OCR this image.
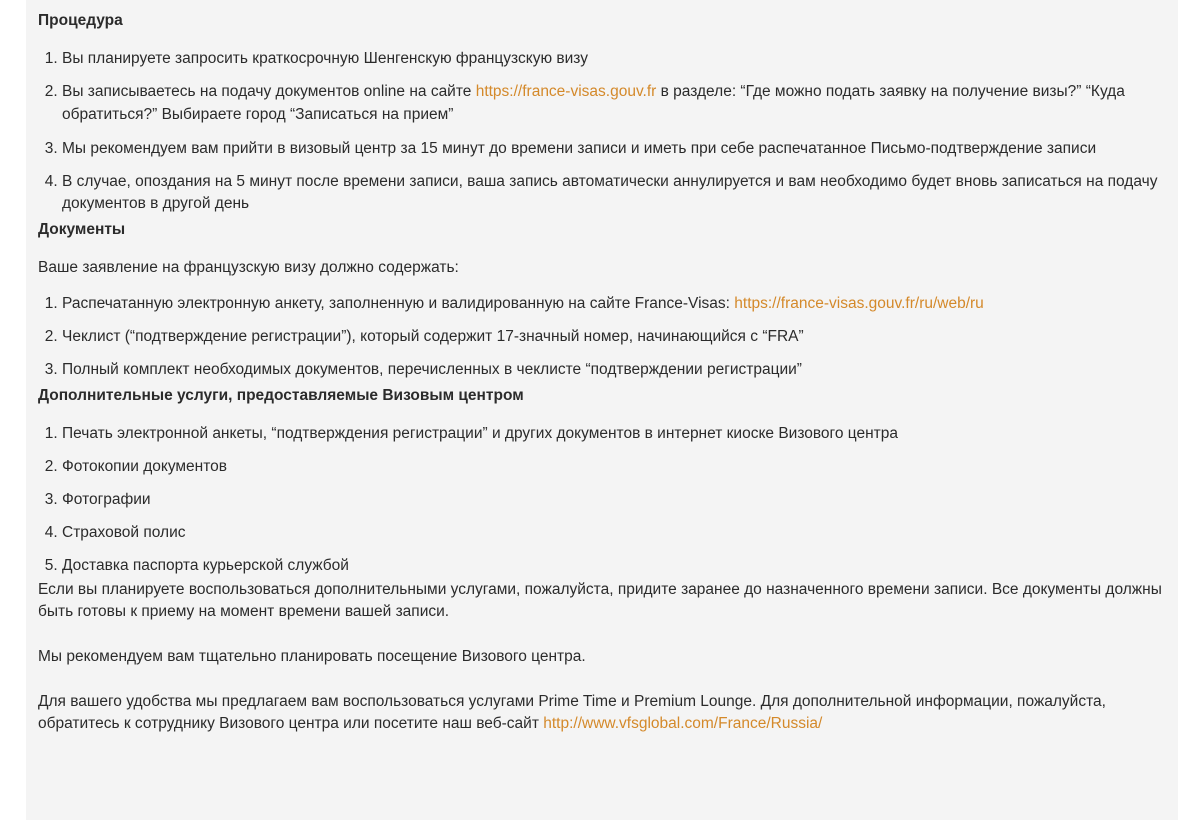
Процедура
1. Вы планируете запросить краткосрочную Шенгенскую французскую визу
2. Вы записываетесь на подачу документов online на сайте https://france-visas.gouv.fr в разделе: “Где можно подать заявку на получение визы?” “Куда обратиться?” Выбираете город “Записаться на прием”
3. Мы рекомендуем вам прийти в визовый центр за 15 минут до времени записи и иметь при себе распечатанное Письмо-подтверждение записи
4. В случае, опоздания на 5 минут после времени записи, ваша запись автоматически аннулируется и вам необходимо будет вновь записаться на подачу документов в другой день
Документы

Ваше заявление на французскую визу должно содержать:

1. Распечатанную электронную анкету, заполненную и валидированную на сайте France-Visas: https://france-visas.gouv.fr/ru/web/ru
2. Чеклист (“подтверждение регистрации”), который содержит 17-значный номер, начинающийся с “FRA”
3. Полный комплект необходимых документов, перечисленных в чеклисте “подтверждении регистрации”
Дополнительные услуги, предоставляемые Визовым центром
1. Печать электронной анкеты, “подтверждения регистрации” и других документов в интернет киоске Визового центра
2. Фотокопии документов
3. Фотографии
4. Страховой полис
5. Доставка паспорта курьерской службой

Если вы планируете воспользоваться дополнительными услугами, пожалуйста, придите заранее до назначенного времени записи. Все документы должны быть готовы к приему на момент времени вашей записи.

Мы рекомендуем вам тщательно планировать посещение Визового центра.

Для вашего удобства мы предлагаем вам воспользоваться услугами Prime Time и Premium Lounge. Для дополнительной информации, пожалуйста, обратитесь к сотруднику Визового центра или посетите наш веб-сайт http://www.vfsglobal.com/France/Russia/
